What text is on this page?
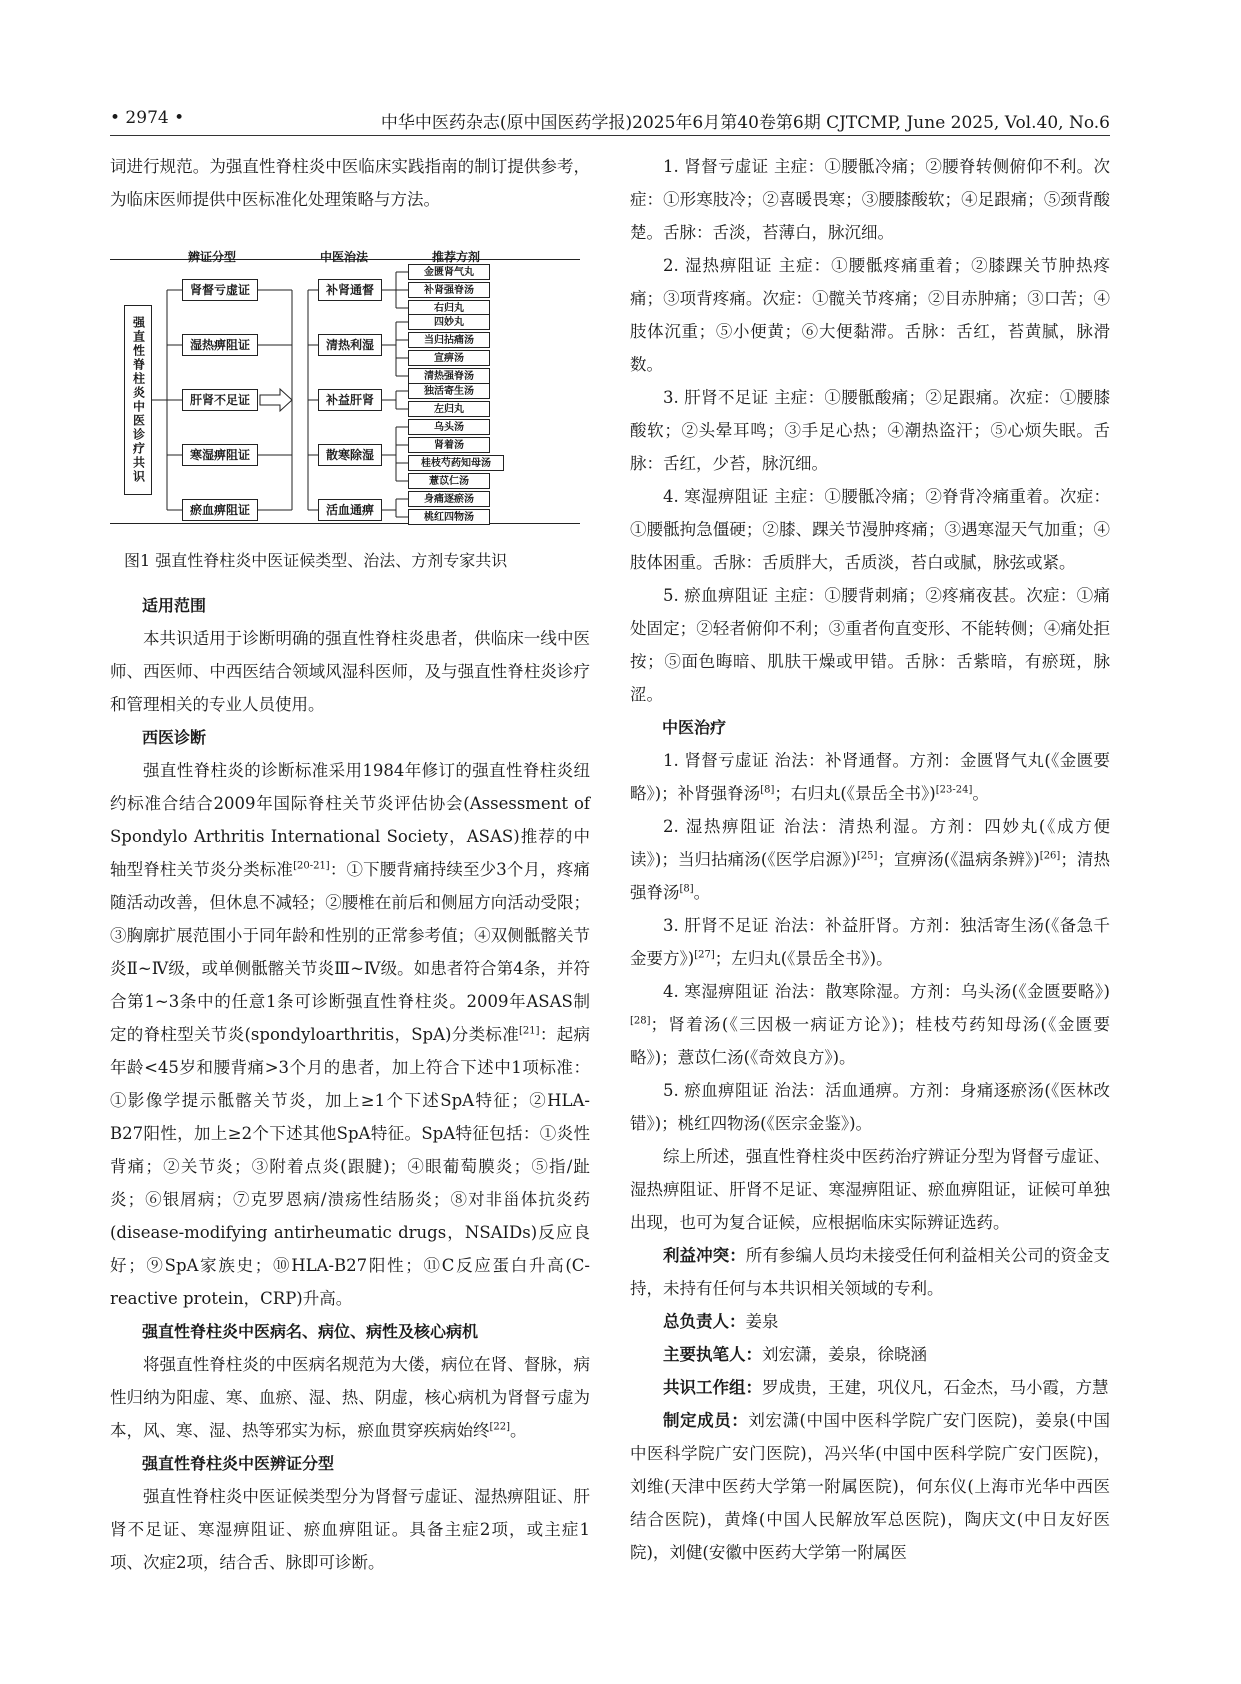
• 2974 •	中华中医药杂志(原中国医药学报)2025年6月第40卷第6期 CJTCMP, June 2025, Vol.40, No.6

词进行规范。为强直性脊柱炎中医临床实践指南的制订提供参考，为临床医师提供中医标准化处理策略与方法。

辨证分型	中医治法	推荐方剂
强直性脊柱炎中医诊疗共识
肾督亏虚证
湿热痹阻证
肝肾不足证
寒湿痹阻证
瘀血痹阻证
补肾通督
清热利湿
补益肝肾
散寒除湿
活血通痹
金匮肾气丸
补肾强脊汤
右归丸
四妙丸
当归拈痛汤
宣痹汤
清热强脊汤
独活寄生汤
左归丸
乌头汤
肾着汤
桂枝芍药知母汤
薏苡仁汤
身痛逐瘀汤
桃红四物汤

图1 强直性脊柱炎中医证候类型、治法、方剂专家共识

适用范围

本共识适用于诊断明确的强直性脊柱炎患者，供临床一线中医师、西医师、中西医结合领域风湿科医师，及与强直性脊柱炎诊疗和管理相关的专业人员使用。

西医诊断

强直性脊柱炎的诊断标准采用1984年修订的强直性脊柱炎纽约标准合结合2009年国际脊柱关节炎评估协会(Assessment of Spondylo Arthritis International Society，ASAS)推荐的中轴型脊柱关节炎分类标准[20-21]：①下腰背痛持续至少3个月，疼痛随活动改善，但休息不减轻；②腰椎在前后和侧屈方向活动受限；③胸廓扩展范围小于同年龄和性别的正常参考值；④双侧骶髂关节炎Ⅱ~Ⅳ级，或单侧骶髂关节炎Ⅲ~Ⅳ级。如患者符合第4条，并符合第1~3条中的任意1条可诊断强直性脊柱炎。2009年ASAS制定的脊柱型关节炎(spondyloarthritis，SpA)分类标准[21]：起病年龄<45岁和腰背痛>3个月的患者，加上符合下述中1项标准：①影像学提示骶髂关节炎，加上≥1个下述SpA特征；②HLA-B27阳性，加上≥2个下述其他SpA特征。SpA特征包括：①炎性背痛；②关节炎；③附着点炎(跟腱)；④眼葡萄膜炎；⑤指/趾炎；⑥银屑病；⑦克罗恩病/溃疡性结肠炎；⑧对非甾体抗炎药(disease-modifying antirheumatic drugs，NSAIDs)反应良好；⑨SpA家族史；⑩HLA-B27阳性；⑪C反应蛋白升高(C-reactive protein，CRP)升高。

强直性脊柱炎中医病名、病位、病性及核心病机

将强直性脊柱炎的中医病名规范为大偻，病位在肾、督脉，病性归纳为阳虚、寒、血瘀、湿、热、阴虚，核心病机为肾督亏虚为本，风、寒、湿、热等邪实为标，瘀血贯穿疾病始终[22]。

强直性脊柱炎中医辨证分型

强直性脊柱炎中医证候类型分为肾督亏虚证、湿热痹阻证、肝肾不足证、寒湿痹阻证、瘀血痹阻证。具备主症2项，或主症1项、次症2项，结合舌、脉即可诊断。

1. 肾督亏虚证 主症：①腰骶冷痛；②腰脊转侧俯仰不利。次症：①形寒肢冷；②喜暖畏寒；③腰膝酸软；④足跟痛；⑤颈背酸楚。舌脉：舌淡，苔薄白，脉沉细。

2. 湿热痹阻证 主症：①腰骶疼痛重着；②膝踝关节肿热疼痛；③项背疼痛。次症：①髋关节疼痛；②目赤肿痛；③口苦；④肢体沉重；⑤小便黄；⑥大便黏滞。舌脉：舌红，苔黄腻，脉滑数。

3. 肝肾不足证 主症：①腰骶酸痛；②足跟痛。次症：①腰膝酸软；②头晕耳鸣；③手足心热；④潮热盗汗；⑤心烦失眠。舌脉：舌红，少苔，脉沉细。

4. 寒湿痹阻证 主症：①腰骶冷痛；②脊背冷痛重着。次症：①腰骶拘急僵硬；②膝、踝关节漫肿疼痛；③遇寒湿天气加重；④肢体困重。舌脉：舌质胖大，舌质淡，苔白或腻，脉弦或紧。

5. 瘀血痹阻证 主症：①腰背刺痛；②疼痛夜甚。次症：①痛处固定；②轻者俯仰不利；③重者佝直变形、不能转侧；④痛处拒按；⑤面色晦暗、肌肤干燥或甲错。舌脉：舌紫暗，有瘀斑，脉涩。

中医治疗

1. 肾督亏虚证 治法：补肾通督。方剂：金匮肾气丸(《金匮要略》)；补肾强脊汤[8]；右归丸(《景岳全书》)[23-24]。

2. 湿热痹阻证 治法：清热利湿。方剂：四妙丸(《成方便读》)；当归拈痛汤(《医学启源》)[25]；宣痹汤(《温病条辨》)[26]；清热强脊汤[8]。

3. 肝肾不足证 治法：补益肝肾。方剂：独活寄生汤(《备急千金要方》)[27]；左归丸(《景岳全书》)。

4. 寒湿痹阻证 治法：散寒除湿。方剂：乌头汤(《金匮要略》)[28]；肾着汤(《三因极一病证方论》)；桂枝芍药知母汤(《金匮要略》)；薏苡仁汤(《奇效良方》)。

5. 瘀血痹阻证 治法：活血通痹。方剂：身痛逐瘀汤(《医林改错》)；桃红四物汤(《医宗金鉴》)。

综上所述，强直性脊柱炎中医药治疗辨证分型为肾督亏虚证、湿热痹阻证、肝肾不足证、寒湿痹阻证、瘀血痹阻证，证候可单独出现，也可为复合证候，应根据临床实际辨证选药。

利益冲突：所有参编人员均未接受任何利益相关公司的资金支持，未持有任何与本共识相关领域的专利。

总负责人：姜泉

主要执笔人：刘宏潇，姜泉，徐晓涵

共识工作组：罗成贵，王建，巩仪凡，石金杰，马小霞，方慧

制定成员：刘宏潇(中国中医科学院广安门医院)，姜泉(中国中医科学院广安门医院)，冯兴华(中国中医科学院广安门医院)，刘维(天津中医药大学第一附属医院)，何东仪(上海市光华中西医结合医院)，黄烽(中国人民解放军总医院)，陶庆文(中日友好医院)，刘健(安徽中医药大学第一附属医
